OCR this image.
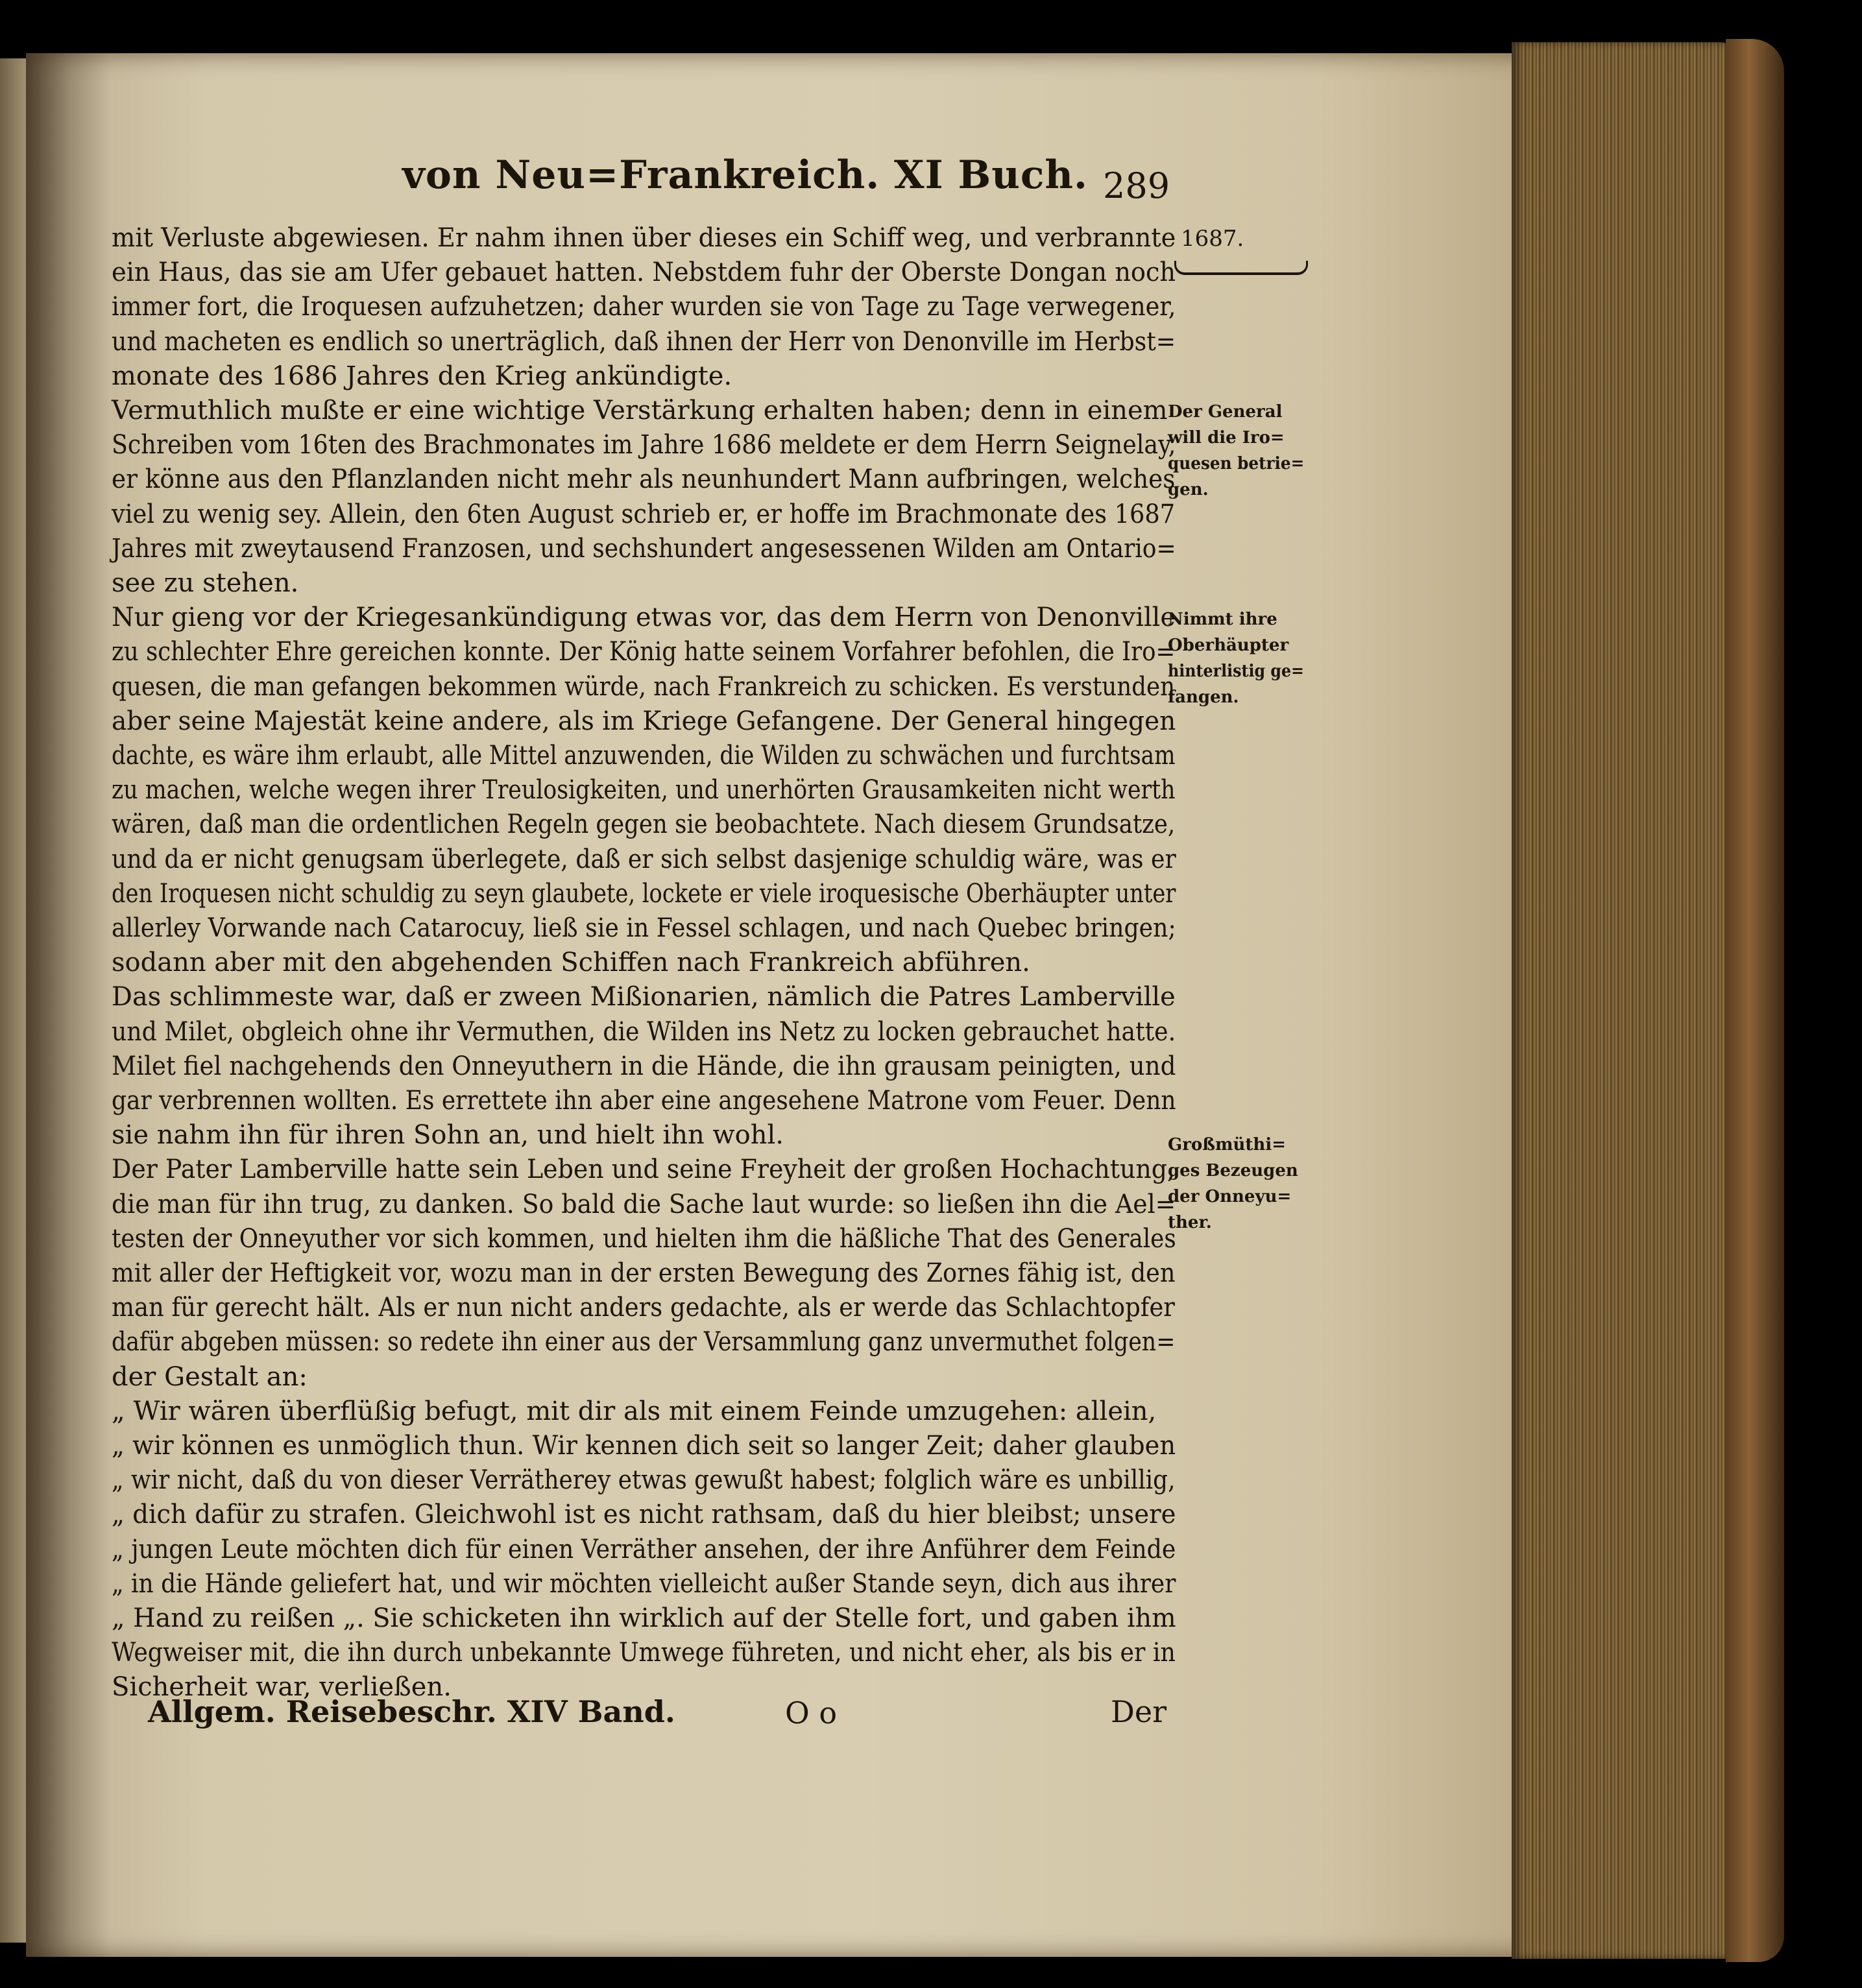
von Neu=Frankreich. XI Buch. 289
1687.
Der General
will die Iro=
quesen betrie=
gen.
Nimmt ihre
Oberhäupter
hinterlistig ge=
fangen.
Großmüthi=
ges Bezeugen
der Onneyu=
ther.
mit Verluste abgewiesen. Er nahm ihnen über dieses ein Schiff weg, und verbrannte
ein Haus, das sie am Ufer gebauet hatten. Nebstdem fuhr der Oberste Dongan noch
immer fort, die Iroquesen aufzuhetzen; daher wurden sie von Tage zu Tage verwegener,
und macheten es endlich so unerträglich, daß ihnen der Herr von Denonville im Herbst=
monate des 1686 Jahres den Krieg ankündigte.
Vermuthlich mußte er eine wichtige Verstärkung erhalten haben; denn in einem
Schreiben vom 16ten des Brachmonates im Jahre 1686 meldete er dem Herrn Seignelay,
er könne aus den Pflanzlanden nicht mehr als neunhundert Mann aufbringen, welches
viel zu wenig sey. Allein, den 6ten August schrieb er, er hoffe im Brachmonate des 1687
Jahres mit zweytausend Franzosen, und sechshundert angesessenen Wilden am Ontario=
see zu stehen.
Nur gieng vor der Kriegesankündigung etwas vor, das dem Herrn von Denonville
zu schlechter Ehre gereichen konnte. Der König hatte seinem Vorfahrer befohlen, die Iro=
quesen, die man gefangen bekommen würde, nach Frankreich zu schicken. Es verstunden
aber seine Majestät keine andere, als im Kriege Gefangene. Der General hingegen
dachte, es wäre ihm erlaubt, alle Mittel anzuwenden, die Wilden zu schwächen und furchtsam
zu machen, welche wegen ihrer Treulosigkeiten, und unerhörten Grausamkeiten nicht werth
wären, daß man die ordentlichen Regeln gegen sie beobachtete. Nach diesem Grundsatze,
und da er nicht genugsam überlegete, daß er sich selbst dasjenige schuldig wäre, was er
den Iroquesen nicht schuldig zu seyn glaubete, lockete er viele iroquesische Oberhäupter unter
allerley Vorwande nach Catarocuy, ließ sie in Fessel schlagen, und nach Quebec bringen;
sodann aber mit den abgehenden Schiffen nach Frankreich abführen.
Das schlimmeste war, daß er zween Mißionarien, nämlich die Patres Lamberville
und Milet, obgleich ohne ihr Vermuthen, die Wilden ins Netz zu locken gebrauchet hatte.
Milet fiel nachgehends den Onneyuthern in die Hände, die ihn grausam peinigten, und
gar verbrennen wollten. Es errettete ihn aber eine angesehene Matrone vom Feuer. Denn
sie nahm ihn für ihren Sohn an, und hielt ihn wohl.
Der Pater Lamberville hatte sein Leben und seine Freyheit der großen Hochachtung,
die man für ihn trug, zu danken. So bald die Sache laut wurde: so ließen ihn die Ael=
testen der Onneyuther vor sich kommen, und hielten ihm die häßliche That des Generales
mit aller der Heftigkeit vor, wozu man in der ersten Bewegung des Zornes fähig ist, den
man für gerecht hält. Als er nun nicht anders gedachte, als er werde das Schlachtopfer
dafür abgeben müssen: so redete ihn einer aus der Versammlung ganz unvermuthet folgen=
der Gestalt an:
„ Wir wären überflüßig befugt, mit dir als mit einem Feinde umzugehen: allein,
„ wir können es unmöglich thun. Wir kennen dich seit so langer Zeit; daher glauben
„ wir nicht, daß du von dieser Verrätherey etwas gewußt habest; folglich wäre es unbillig,
„ dich dafür zu strafen. Gleichwohl ist es nicht rathsam, daß du hier bleibst; unsere
„ jungen Leute möchten dich für einen Verräther ansehen, der ihre Anführer dem Feinde
„ in die Hände geliefert hat, und wir möchten vielleicht außer Stande seyn, dich aus ihrer
„ Hand zu reißen „. Sie schicketen ihn wirklich auf der Stelle fort, und gaben ihm
Wegweiser mit, die ihn durch unbekannte Umwege führeten, und nicht eher, als bis er in
Sicherheit war, verließen.
Allgem. Reisebeschr. XIV Band.	O o	Der
